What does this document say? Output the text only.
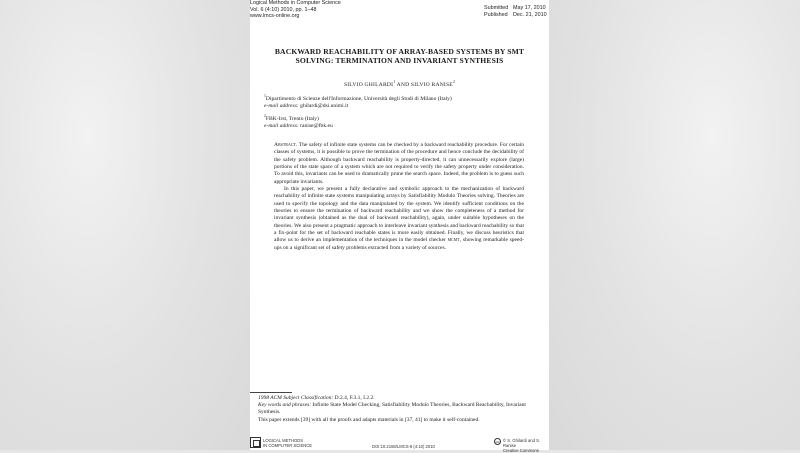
Logical Methods in Computer Science
Vol. 6 (4:10) 2010, pp. 1–48
www.lmcs-online.org
Submitted May 17, 2010
Published Dec. 21, 2010
BACKWARD REACHABILITY OF ARRAY-BASED SYSTEMS BY SMT
SOLVING: TERMINATION AND INVARIANT SYNTHESIS
SILVIO GHILARDI$^1$ AND SILVIO RANISE$^2$
$^1$Dipartimento di Scienze dell'Informazione, Università degli Studi di Milano (Italy)
e-mail address: ghilardi@dsi.unimi.it
$^2$FBK-Irst, Trento (Italy)
e-mail address: ranise@fbk.eu

Abstract. The safety of infinite state systems can be checked by a backward reachability procedure. For certain classes of systems, it is possible to prove the termination of the procedure and hence conclude the decidability of the safety problem. Although backward reachability is property-directed, it can unnecessarily explore (large) portions of the state space of a system which are not required to verify the safety property under consideration. To avoid this, invariants can be used to dramatically prune the search space. Indeed, the problem is to guess such appropriate invariants.

In this paper, we present a fully declarative and symbolic approach to the mechanization of backward reachability of infinite state systems manipulating arrays by Satisfiability Modulo Theories solving. Theories are used to specify the topology and the data manipulated by the system. We identify sufficient conditions on the theories to ensure the termination of backward reachability and we show the completeness of a method for invariant synthesis (obtained as the dual of backward reachability), again, under suitable hypotheses on the theories. We also present a pragmatic approach to interleave invariant synthesis and backward reachability so that a fix-point for the set of backward reachable states is more easily obtained. Finally, we discuss heuristics that allow us to derive an implementation of the techniques in the model checker mcmt, showing remarkable speed-ups on a significant set of safety problems extracted from a variety of sources.

1998 ACM Subject Classification: D.2.4, F.3.1, I.2.2.

Key words and phrases: Infinite State Model Checking, Satisfiability Modulo Theories, Backward Reachability, Invariant Synthesis.

This paper extends [39] with all the proofs and adapts materials in [37, 41] to make it self-contained.

LOGICAL METHODS
IN COMPUTER SCIENCE	DOI:10.2168/LMCS-6 (4:10) 2010
cc © S. Ghilardi and S. Ranise
Creative Commons
